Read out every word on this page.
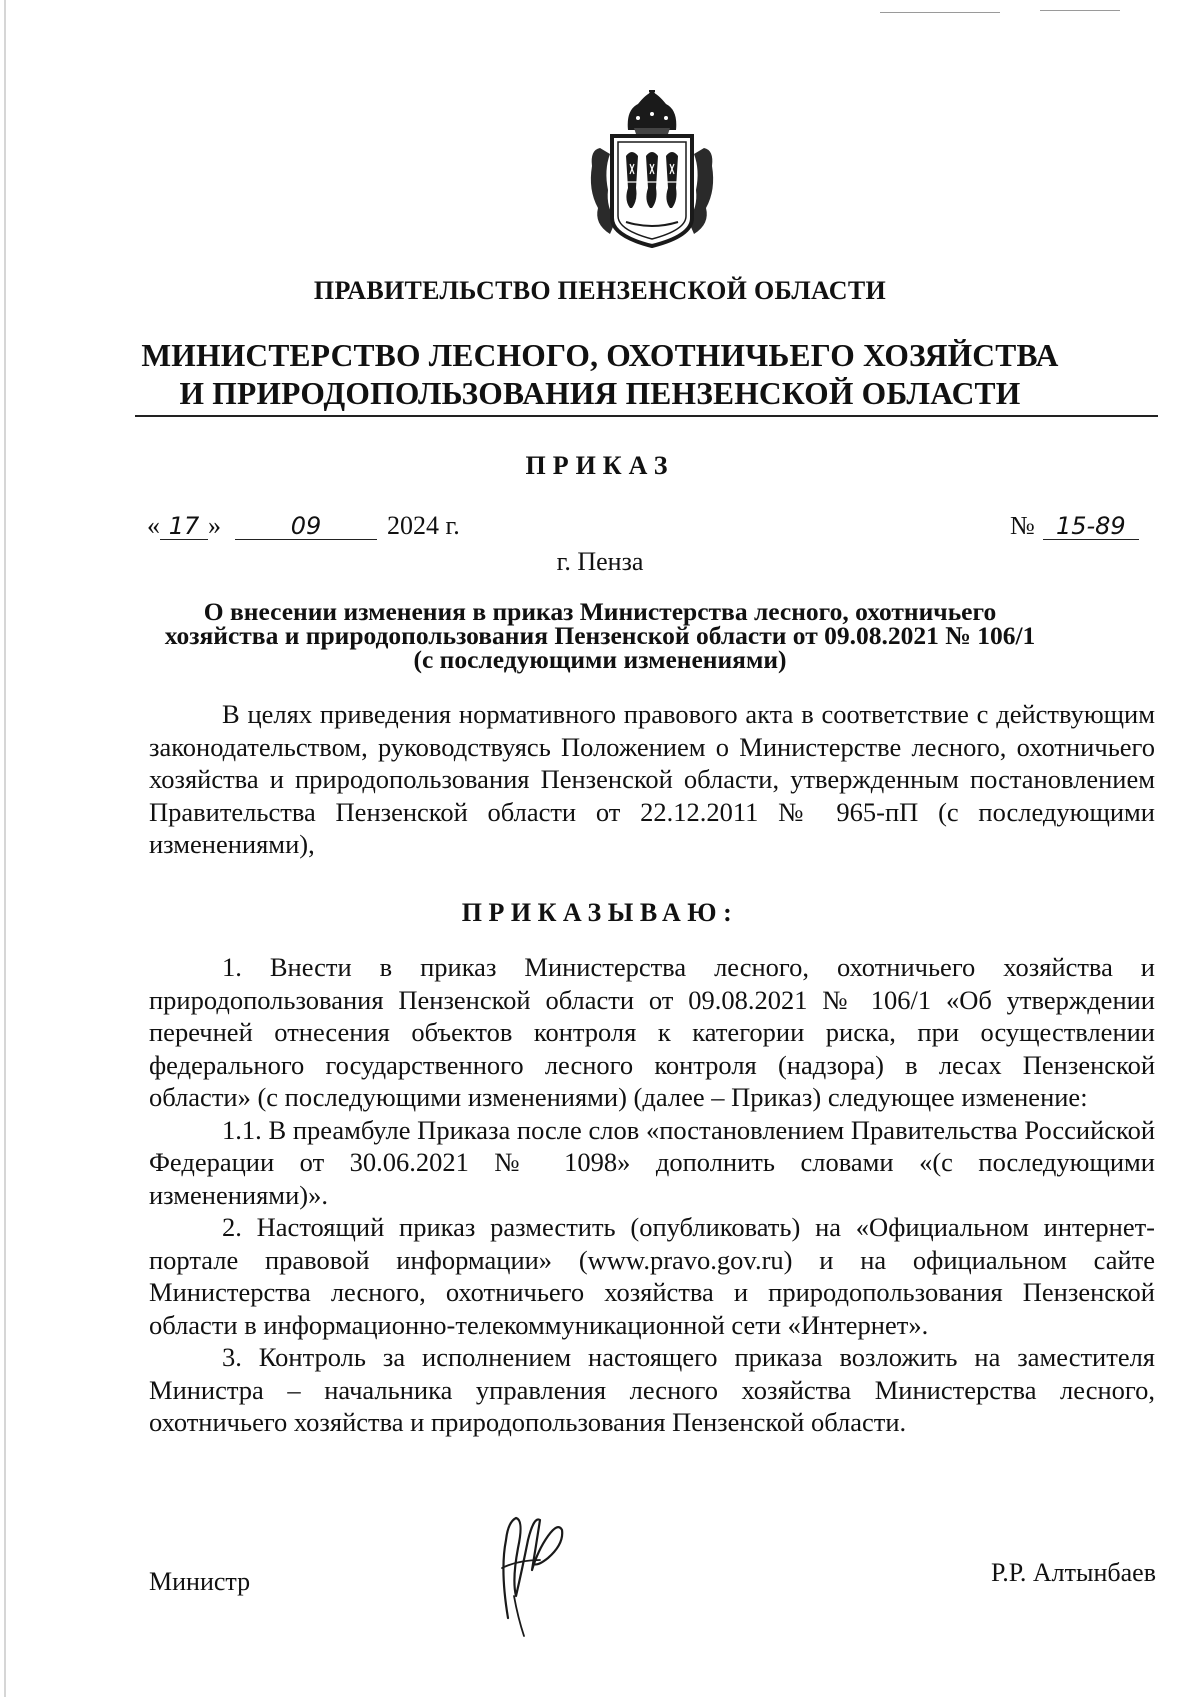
ПРАВИТЕЛЬСТВО ПЕНЗЕНСКОЙ ОБЛАСТИ
МИНИСТЕРСТВО ЛЕСНОГО, ОХОТНИЧЬЕГО ХОЗЯЙСТВА
И ПРИРОДОПОЛЬЗОВАНИЯ ПЕНЗЕНСКОЙ ОБЛАСТИ
ПРИКАЗ
« 17 »	09	2024 г.	№ 15-89
г. Пенза
О внесении изменения в приказ Министерства лесного, охотничьего
хозяйства и природопользования Пензенской области от 09.08.2021 № 106/1
(с последующими изменениями)

В целях приведения нормативного правового акта в соответствие с действующим законодательством, руководствуясь Положением о Министерстве лесного, охотничьего хозяйства и природопользования Пензенской области, утвержденным постановлением Правительства Пензенской области от 22.12.2011 № 965-пП (с последующими изменениями),

ПРИКАЗЫВАЮ:

1. Внести в приказ Министерства лесного, охотничьего хозяйства и природопользования Пензенской области от 09.08.2021 № 106/1 «Об утверждении перечней отнесения объектов контроля к категории риска, при осуществлении федерального государственного лесного контроля (надзора) в лесах Пензенской области» (с последующими изменениями) (далее – Приказ) следующее изменение:

1.1. В преамбуле Приказа после слов «постановлением Правительства Российской Федерации от 30.06.2021 № 1098» дополнить словами «(с последующими изменениями)».

2. Настоящий приказ разместить (опубликовать) на «Официальном интернет-портале правовой информации» (www.pravo.gov.ru) и на официальном сайте Министерства лесного, охотничьего хозяйства и природопользования Пензенской области в информационно-телекоммуникационной сети «Интернет».

3. Контроль за исполнением настоящего приказа возложить на заместителя Министра – начальника управления лесного хозяйства Министерства лесного, охотничьего хозяйства и природопользования Пензенской области.

Министр	Р.Р. Алтынбаев
